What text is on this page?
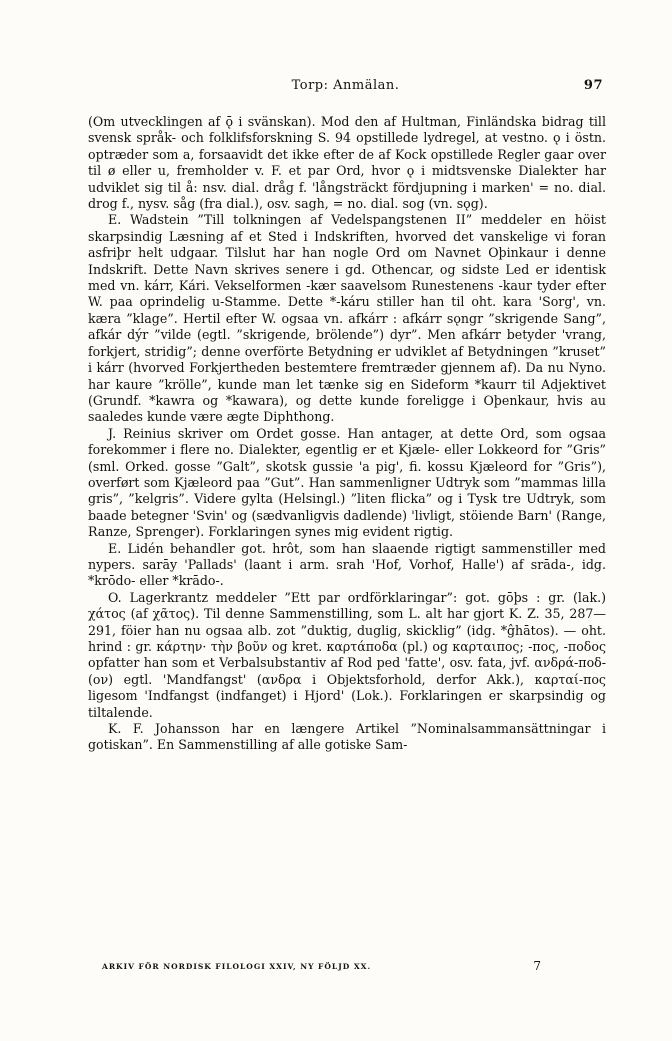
Torp: Anmälan.	97

(Om utvecklingen af ǭ i svänskan). Mod den af Hultman, Finländska bidrag till svensk språk- och folklifsforskning S. 94 opstillede lydregel, at vestno. ǫ i östn. optræder som a, forsaavidt det ikke efter de af Kock opstillede Regler gaar over til ø eller u, fremholder v. F. et par Ord, hvor ǫ i midtsvenske Dialekter har udviklet sig til å: nsv. dial. dråg f. 'långsträckt fördjupning i marken' = no. dial. drog f., nysv. såg (fra dial.), osv. sagh, = no. dial. sog (vn. sǫg).

E. Wadstein ”Till tolkningen af Vedelspangstenen II” meddeler en höist skarpsindig Læsning af et Sted i Indskriften, hvorved det vanskelige vi foran asfriþr helt udgaar. Tilslut har han nogle Ord om Navnet Oþinkaur i denne Indskrift. Dette Navn skrives senere i gd. Othencar, og sidste Led er identisk med vn. kárr, Kári. Vekselformen -kær saavelsom Runestenens -kaur tyder efter W. paa oprindelig u-Stamme. Dette *-káru stiller han til oht. kara 'Sorg', vn. kæra ”klage”. Hertil efter W. ogsaa vn. afkárr : afkárr sǫngr ”skrigende Sang”, afkár dýr ”vilde (egtl. ”skrigende, brölende”) dyr”. Men afkárr betyder 'vrang, forkjert, stridig”; denne overförte Betydning er udviklet af Betydningen ”kruset” i kárr (hvorved Forkjertheden bestemtere fremtræder gjennem af). Da nu Nyno. har kaure ”krölle”, kunde man let tænke sig en Sideform *kaurr til Adjektivet (Grundf. *kawra og *kawara), og dette kunde foreligge i Oþenkaur, hvis au saaledes kunde være ægte Diphthong.

J. Reinius skriver om Ordet gosse. Han antager, at dette Ord, som ogsaa forekommer i flere no. Dialekter, egentlig er et Kjæle- eller Lokkeord for ”Gris” (sml. Orked. gosse ”Galt”, skotsk gussie 'a pig', fi. kossu Kjæleord for ”Gris”), overført som Kjæleord paa ”Gut”. Han sammenligner Udtryk som ”mammas lilla gris”, ”kelgris”. Videre gylta (Helsingl.) ”liten flicka” og i Tysk tre Udtryk, som baade betegner 'Svin' og (sædvanligvis dadlende) 'livligt, stöiende Barn' (Range, Ranze, Sprenger). Forklaringen synes mig evident rigtig.

E. Lidén behandler got. hrôt, som han slaaende rigtigt sammenstiller med nypers. sarāy 'Pallads' (laant i arm. srah 'Hof, Vorhof, Halle') af srāda-, idg. *krōdo- eller *krādo-.

O. Lagerkrantz meddeler ”Ett par ordförklaringar”: got. gōþs : gr. (lak.) χάτος (af χᾶτος). Til denne Sammenstilling, som L. alt har gjort K. Z. 35, 287—291, föier han nu ogsaa alb. zot ”duktig, duglig, skicklig” (idg. *ĝhātos). — oht. hrind : gr. κάρτην· τὴν βοῦν og kret. καρτάποδα (pl.) og καρταιπος; -πος, -ποδος opfatter han som et Verbalsubstantiv af Rod ped 'fatte', osv. fata, jvf. ανδρά-ποδ-(ον) egtl. 'Mandfangst' (ανδρα i Objektsforhold, derfor Akk.), καρταί-πος ligesom 'Indfangst (indfanget) i Hjord' (Lok.). Forklaringen er skarpsindig og tiltalende.

K. F. Johansson har en længere Artikel ”Nominalsammansättningar i gotiskan”. En Sammenstilling af alle gotiske Sam-

ARKIV FÖR NORDISK FILOLOGI XXIV, NY FÖLJD XX.	7
